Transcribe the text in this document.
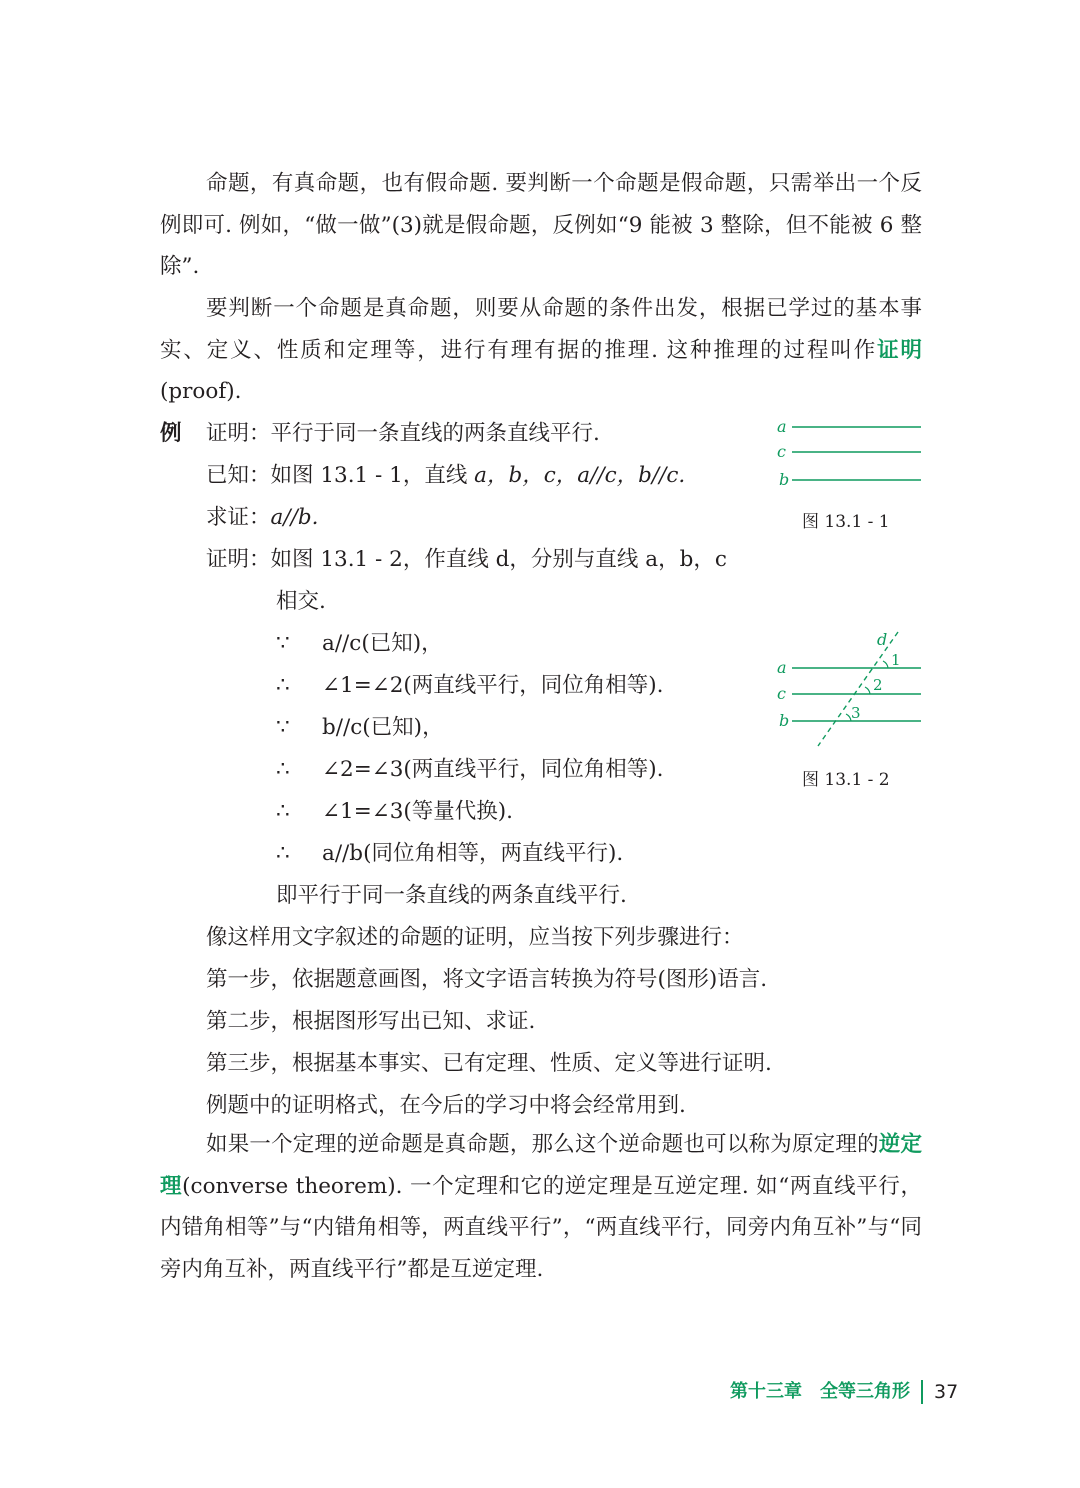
命题，有真命题，也有假命题. 要判断一个命题是假命题，只需举出一个反例即可. 例如，“做一做”(3)就是假命题，反例如“9 能被 3 整除，但不能被 6 整除”.

要判断一个命题是真命题，则要从命题的条件出发，根据已学过的基本事实、定义、性质和定理等，进行有理有据的推理. 这种推理的过程叫作证明(proof).

例 证明：平行于同一条直线的两条直线平行.

已知：如图 13.1 - 1，直线 a，b，c，a//c，b//c.

求证：a//b.

证明：如图 13.1 - 2，作直线 d，分别与直线 a，b，c

相交.

∵ a//c(已知)，

∴ ∠1=∠2(两直线平行，同位角相等).

∵ b//c(已知)，

∴ ∠2=∠3(两直线平行，同位角相等).

∴ ∠1=∠3(等量代换).

∴ a//b(同位角相等，两直线平行).

即平行于同一条直线的两条直线平行.

像这样用文字叙述的命题的证明，应当按下列步骤进行：

第一步，依据题意画图，将文字语言转换为符号(图形)语言.

第二步，根据图形写出已知、求证.

第三步，根据基本事实、已有定理、性质、定义等进行证明.

例题中的证明格式，在今后的学习中将会经常用到.

如果一个定理的逆命题是真命题，那么这个逆命题也可以称为原定理的逆定理(converse theorem). 一个定理和它的逆定理是互逆定理. 如“两直线平行，内错角相等”与“内错角相等，两直线平行”，“两直线平行，同旁内角互补”与“同旁内角互补，两直线平行”都是互逆定理.

a
c
b
图 13.1 - 1
d
a
c
b
1
2
3
图 13.1 - 2
第十三章　全等三角形 37
